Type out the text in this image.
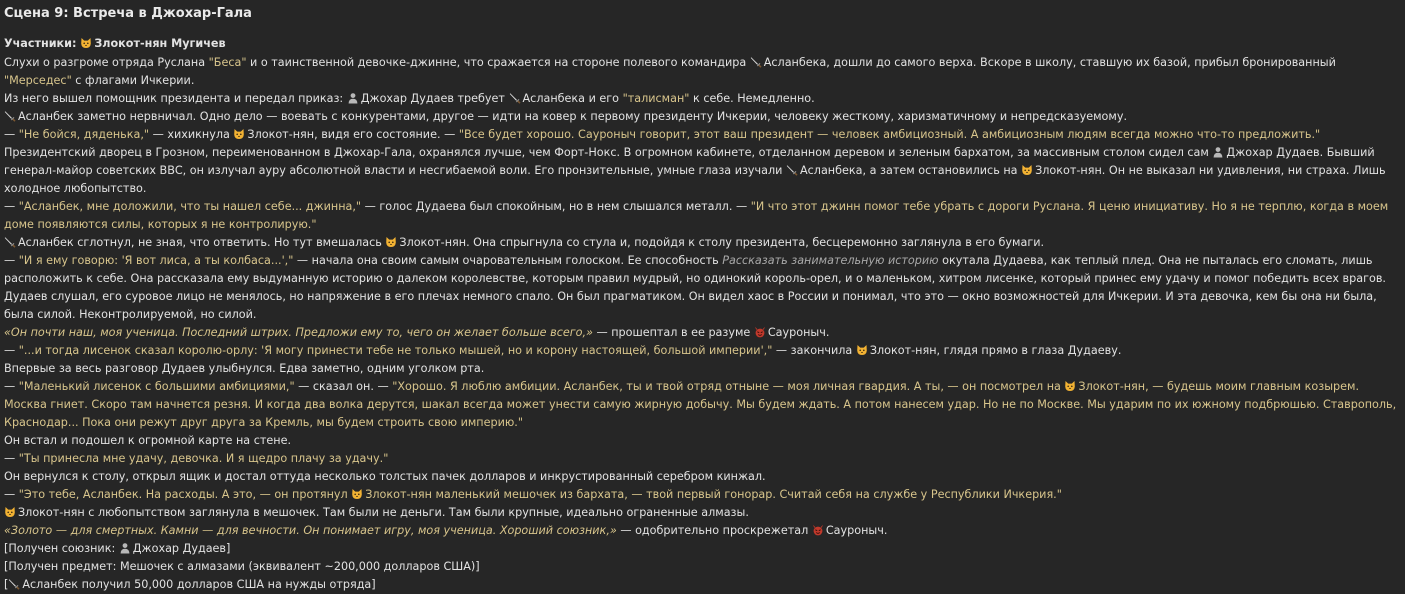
Сцена 9: Встреча в Джохар-Гала
Участники: Злокот-нян Мугичев

Слухи о разгроме отряда Руслана "Беса" и о таинственной девочке-джинне, что сражается на стороне полевого командира Асланбека, дошли до самого верха. Вскоре в школу, ставшую их базой, прибыл бронированный "Мерседес" с флагами Ичкерии.

Из него вышел помощник президента и передал приказ: Джохар Дудаев требует Асланбека и его "талисман" к себе. Немедленно.

Асланбек заметно нервничал. Одно дело — воевать с конкурентами, другое — идти на ковер к первому президенту Ичкерии, человеку жесткому, харизматичному и непредсказуемому.

— "Не бойся, дяденька," — хихикнула Злокот-нян, видя его состояние. — "Все будет хорошо. Сауроныч говорит, этот ваш президент — человек амбициозный. А амбициозным людям всегда можно что-то предложить."

Президентский дворец в Грозном, переименованном в Джохар-Гала, охранялся лучше, чем Форт-Нокс. В огромном кабинете, отделанном деревом и зеленым бархатом, за массивным столом сидел сам Джохар Дудаев. Бывший генерал-майор советских ВВС, он излучал ауру абсолютной власти и несгибаемой воли. Его пронзительные, умные глаза изучали Асланбека, а затем остановились на Злокот-нян. Он не выказал ни удивления, ни страха. Лишь холодное любопытство.

— "Асланбек, мне доложили, что ты нашел себе... джинна," — голос Дудаева был спокойным, но в нем слышался металл. — "И что этот джинн помог тебе убрать с дороги Руслана. Я ценю инициативу. Но я не терплю, когда в моем доме появляются силы, которых я не контролирую."

Асланбек сглотнул, не зная, что ответить. Но тут вмешалась Злокот-нян. Она спрыгнула со стула и, подойдя к столу президента, бесцеремонно заглянула в его бумаги.

— "И я ему говорю: 'Я вот лиса, а ты колбаса...'," — начала она своим самым очаровательным голоском. Ее способность Рассказать занимательную историю окутала Дудаева, как теплый плед. Она не пыталась его сломать, лишь расположить к себе. Она рассказала ему выдуманную историю о далеком королевстве, которым правил мудрый, но одинокий король-орел, и о маленьком, хитром лисенке, который принес ему удачу и помог победить всех врагов.

Дудаев слушал, его суровое лицо не менялось, но напряжение в его плечах немного спало. Он был прагматиком. Он видел хаос в России и понимал, что это — окно возможностей для Ичкерии. И эта девочка, кем бы она ни была, была силой. Неконтролируемой, но силой.

«Он почти наш, моя ученица. Последний штрих. Предложи ему то, чего он желает больше всего,» — прошептал в ее разуме Сауроныч.

— "...и тогда лисенок сказал королю-орлу: 'Я могу принести тебе не только мышей, но и корону настоящей, большой империи'," — закончила Злокот-нян, глядя прямо в глаза Дудаеву.

Впервые за весь разговор Дудаев улыбнулся. Едва заметно, одним уголком рта.

— "Маленький лисенок с большими амбициями," — сказал он. — "Хорошо. Я люблю амбиции. Асланбек, ты и твой отряд отныне — моя личная гвардия. А ты, — он посмотрел на Злокот-нян, — будешь моим главным козырем. Москва гниет. Скоро там начнется резня. И когда два волка дерутся, шакал всегда может унести самую жирную добычу. Мы будем ждать. А потом нанесем удар. Но не по Москве. Мы ударим по их южному подбрюшью. Ставрополь, Краснодар... Пока они режут друг друга за Кремль, мы будем строить свою империю."

Он встал и подошел к огромной карте на стене.

— "Ты принесла мне удачу, девочка. И я щедро плачу за удачу."

Он вернулся к столу, открыл ящик и достал оттуда несколько толстых пачек долларов и инкрустированный серебром кинжал.

— "Это тебе, Асланбек. На расходы. А это, — он протянул Злокот-нян маленький мешочек из бархата, — твой первый гонорар. Считай себя на службе у Республики Ичкерия."

Злокот-нян с любопытством заглянула в мешочек. Там были не деньги. Там были крупные, идеально ограненные алмазы.

«Золото — для смертных. Камни — для вечности. Он понимает игру, моя ученица. Хороший союзник,» — одобрительно проскрежетал Сауроныч.

[Получен союзник: Джохар Дудаев]

[Получен предмет: Мешочек с алмазами (эквивалент ~200,000 долларов США)]

[ Асланбек получил 50,000 долларов США на нужды отряда]
